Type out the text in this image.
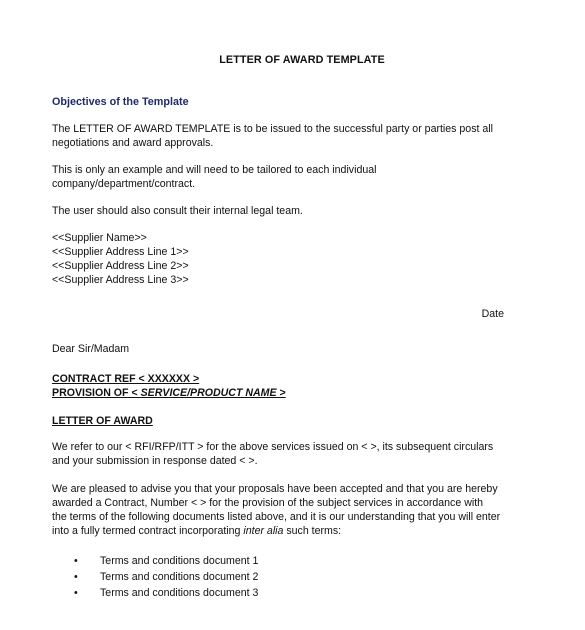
LETTER OF AWARD TEMPLATE
Objectives of the Template

The LETTER OF AWARD TEMPLATE is to be issued to the successful party or parties post all
negotiations and award approvals.

This is only an example and will need to be tailored to each individual
company/department/contract.

The user should also consult their internal legal team.

<<Supplier Name>>
<<Supplier Address Line 1>>
<<Supplier Address Line 2>>
<<Supplier Address Line 3>>
Date

Dear Sir/Madam

CONTRACT REF < XXXXXX >
PROVISION OF < SERVICE/PRODUCT NAME >
LETTER OF AWARD

We refer to our < RFI/RFP/ITT > for the above services issued on < >, its subsequent circulars
and your submission in response dated < >.

We are pleased to advise you that your proposals have been accepted and that you are hereby
awarded a Contract, Number < > for the provision of the subject services in accordance with
the terms of the following documents listed above, and it is our understanding that you will enter
into a fully termed contract incorporating inter alia such terms:

• Terms and conditions document 1
• Terms and conditions document 2
• Terms and conditions document 3
